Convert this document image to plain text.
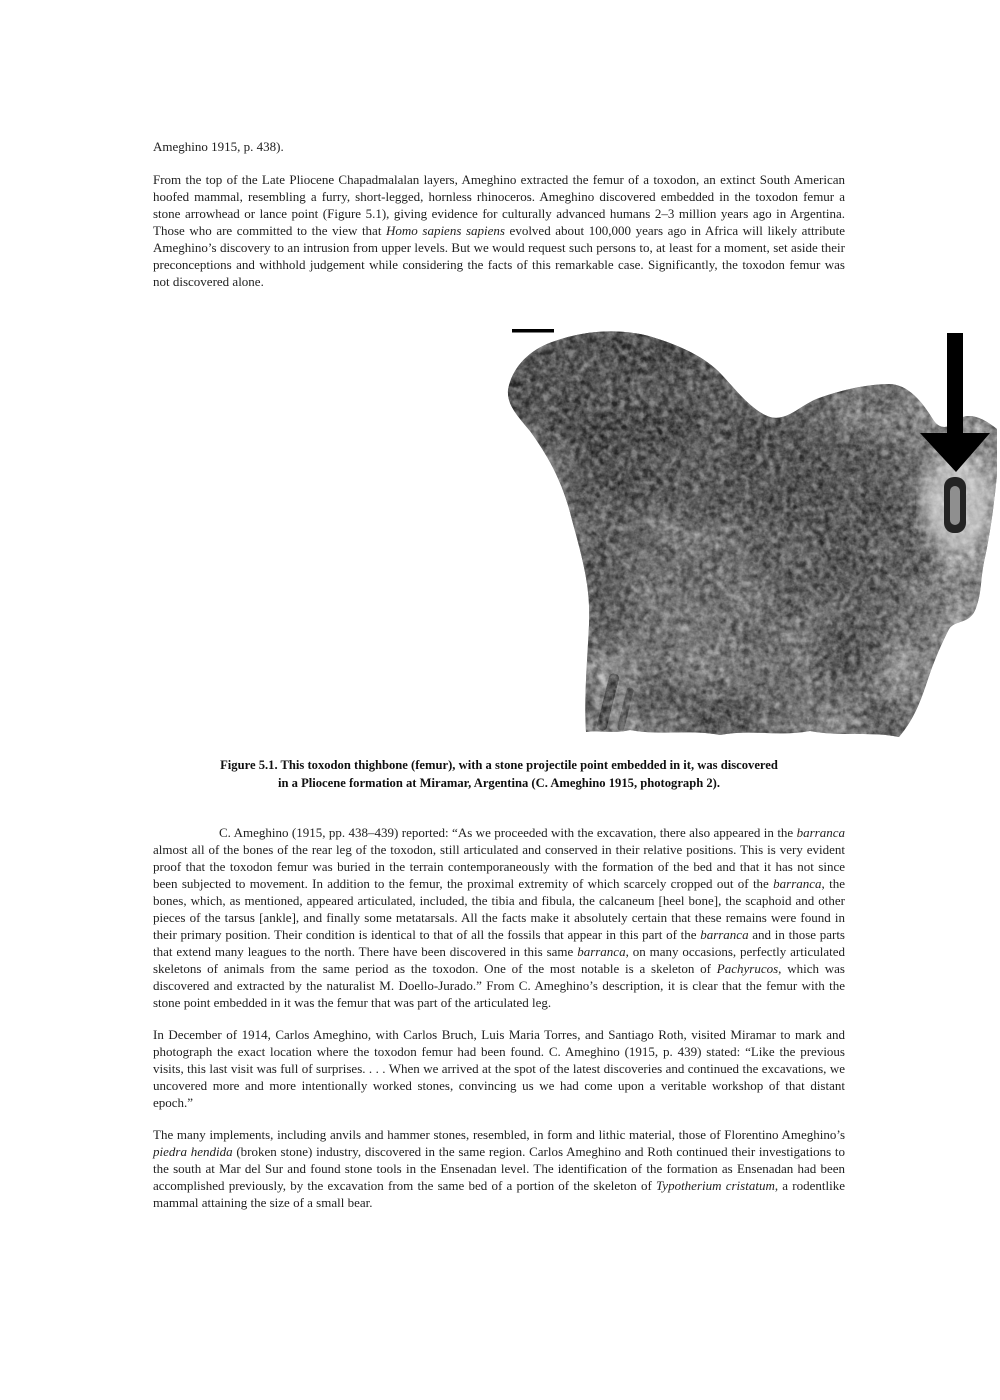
Ameghino 1915, p. 438).

From the top of the Late Pliocene Chapadmalalan layers, Ameghino extracted the femur of a toxodon, an extinct South American hoofed mammal, resembling a furry, short-legged, hornless rhinoceros. Ameghino discovered embedded in the toxodon femur a stone arrowhead or lance point (Figure 5.1), giving evidence for culturally advanced humans 2–3 million years ago in Argentina. Those who are committed to the view that Homo sapiens sapiens evolved about 100,000 years ago in Africa will likely attribute Ameghino’s discovery to an intrusion from upper levels. But we would request such persons to, at least for a moment, set aside their preconceptions and withhold judgement while considering the facts of this remarkable case. Significantly, the toxodon femur was not discovered alone.

Figure 5.1. This toxodon thighbone (femur), with a stone projectile point embedded in it, was discovered
in a Pliocene formation at Miramar, Argentina (C. Ameghino 1915, photograph 2).

C. Ameghino (1915, pp. 438–439) reported: “As we proceeded with the excavation, there also appeared in the barranca almost all of the bones of the rear leg of the toxodon, still articulated and conserved in their relative positions. This is very evident proof that the toxodon femur was buried in the terrain contemporaneously with the formation of the bed and that it has not since been subjected to movement. In addition to the femur, the proximal extremity of which scarcely cropped out of the barranca, the bones, which, as mentioned, appeared articulated, included, the tibia and fibula, the calcaneum [heel bone], the scaphoid and other pieces of the tarsus [ankle], and finally some metatarsals. All the facts make it absolutely certain that these remains were found in their primary position. Their condition is identical to that of all the fossils that appear in this part of the barranca and in those parts that extend many leagues to the north. There have been discovered in this same barranca, on many occasions, perfectly articulated skeletons of animals from the same period as the toxodon. One of the most notable is a skeleton of Pachyrucos, which was discovered and extracted by the naturalist M. Doello-Jurado.” From C. Ameghino’s description, it is clear that the femur with the stone point embedded in it was the femur that was part of the articulated leg.

In December of 1914, Carlos Ameghino, with Carlos Bruch, Luis Maria Torres, and Santiago Roth, visited Miramar to mark and photograph the exact location where the toxodon femur had been found. C. Ameghino (1915, p. 439) stated: “Like the previous visits, this last visit was full of surprises. . . . When we arrived at the spot of the latest discoveries and continued the excavations, we uncovered more and more intentionally worked stones, convincing us we had come upon a veritable workshop of that distant epoch.”

The many implements, including anvils and hammer stones, resembled, in form and lithic material, those of Florentino Ameghino’s piedra hendida (broken stone) industry, discovered in the same region. Carlos Ameghino and Roth continued their investigations to the south at Mar del Sur and found stone tools in the Ensenadan level. The identification of the formation as Ensenadan had been accomplished previously, by the excavation from the same bed of a portion of the skeleton of Typotherium cristatum, a rodentlike mammal attaining the size of a small bear.
